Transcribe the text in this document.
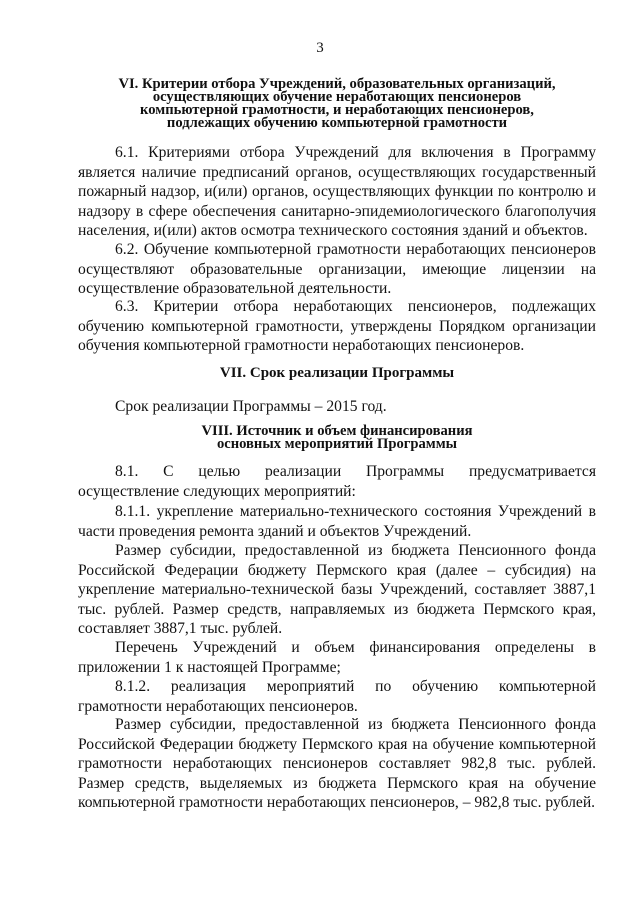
3
VI. Критерии отбора Учреждений, образовательных организаций,
осуществляющих обучение неработающих пенсионеров
компьютерной грамотности, и неработающих пенсионеров,
подлежащих обучению компьютерной грамотности
6.1. Критериями отбора Учреждений для включения в Программу является наличие предписаний органов, осуществляющих государственный пожарный надзор, и(или) органов, осуществляющих функции по контролю и надзору в сфере обеспечения санитарно-эпидемиологического благополучия населения, и(или) актов осмотра технического состояния зданий и объектов.
6.2. Обучение компьютерной грамотности неработающих пенсионеров осуществляют образовательные организации, имеющие лицензии на осуществление образовательной деятельности.
6.3. Критерии отбора неработающих пенсионеров, подлежащих обучению компьютерной грамотности, утверждены Порядком организации обучения компьютерной грамотности неработающих пенсионеров.
VII. Срок реализации Программы
Срок реализации Программы – 2015 год.
VIII. Источник и объем финансирования
основных мероприятий Программы
8.1. С целью реализации Программы предусматривается осуществление следующих мероприятий:
8.1.1. укрепление материально-технического состояния Учреждений в части проведения ремонта зданий и объектов Учреждений.
Размер субсидии, предоставленной из бюджета Пенсионного фонда Российской Федерации бюджету Пермского края (далее – субсидия) на укрепление материально-технической базы Учреждений, составляет 3887,1 тыс. рублей. Размер средств, направляемых из бюджета Пермского края, составляет 3887,1 тыс. рублей.
Перечень Учреждений и объем финансирования определены в приложении 1 к настоящей Программе;
8.1.2. реализация мероприятий по обучению компьютерной грамотности неработающих пенсионеров.
Размер субсидии, предоставленной из бюджета Пенсионного фонда Российской Федерации бюджету Пермского края на обучение компьютерной грамотности неработающих пенсионеров составляет 982,8 тыс. рублей. Размер средств, выделяемых из бюджета Пермского края на обучение компьютерной грамотности неработающих пенсионеров, – 982,8 тыс. рублей.
